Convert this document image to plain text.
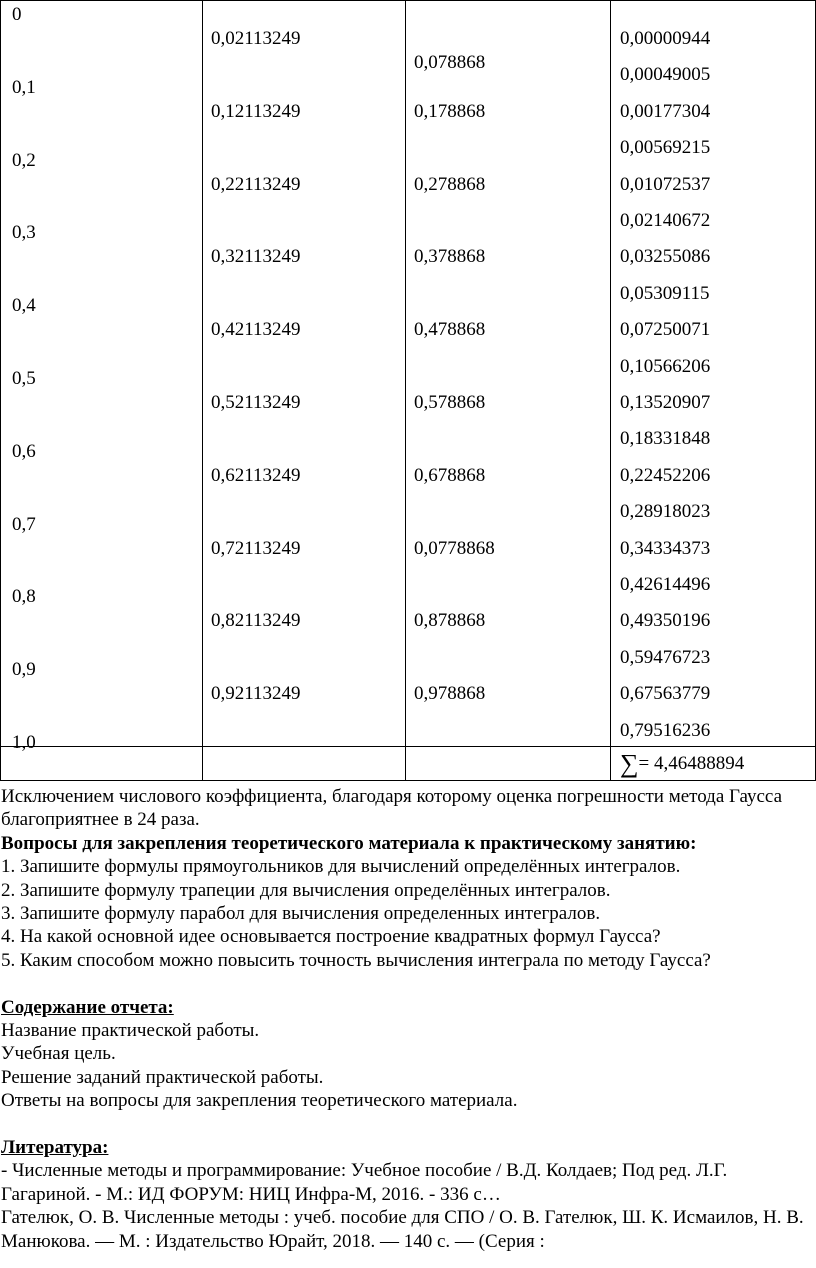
0
0,1
0,2
0,3
0,4
0,5
0,6
0,7
0,8
0,9
1,0
0,02113249
0,12113249
0,22113249
0,32113249
0,42113249
0,52113249
0,62113249
0,72113249
0,82113249
0,92113249
0,078868
0,178868
0,278868
0,378868
0,478868
0,578868
0,678868
0,0778868
0,878868
0,978868
0,00000944
0,00049005
0,00177304
0,00569215
0,01072537
0,02140672
0,03255086
0,05309115
0,07250071
0,10566206
0,13520907
0,18331848
0,22452206
0,28918023
0,34334373
0,42614496
0,49350196
0,59476723
0,67563779
0,79516236
∑= 4,46488894

Исключением числового коэффициента, благодаря которому оценка погрешности метода Гаусса благоприятнее в 24 раза.

Вопросы для закрепления теоретического материала к практическому занятию:

1. Запишите формулы прямоугольников для вычислений определённых интегралов.

2. Запишите формулу трапеции для вычисления определённых интегралов.

3. Запишите формулу парабол для вычисления определенных интегралов.

4. На какой основной идее основывается построение квадратных формул Гаусса?

5. Каким способом можно повысить точность вычисления интеграла по методу Гаусса?

Содержание отчета:

Название практической работы.

Учебная цель.

Решение заданий практической работы.

Ответы на вопросы для закрепления теоретического материала.

Литература:

- Численные методы и программирование: Учебное пособие / В.Д. Колдаев; Под ред. Л.Г. Гагариной. - М.: ИД ФОРУМ: НИЦ Инфра-М, 2016. - 336 с…

Гателюк, О. В. Численные методы : учеб. пособие для СПО / О. В. Гателюк, Ш. К. Исмаилов, Н. В. Манюкова. — М. : Издательство Юрайт, 2018. — 140 с. — (Серия :
